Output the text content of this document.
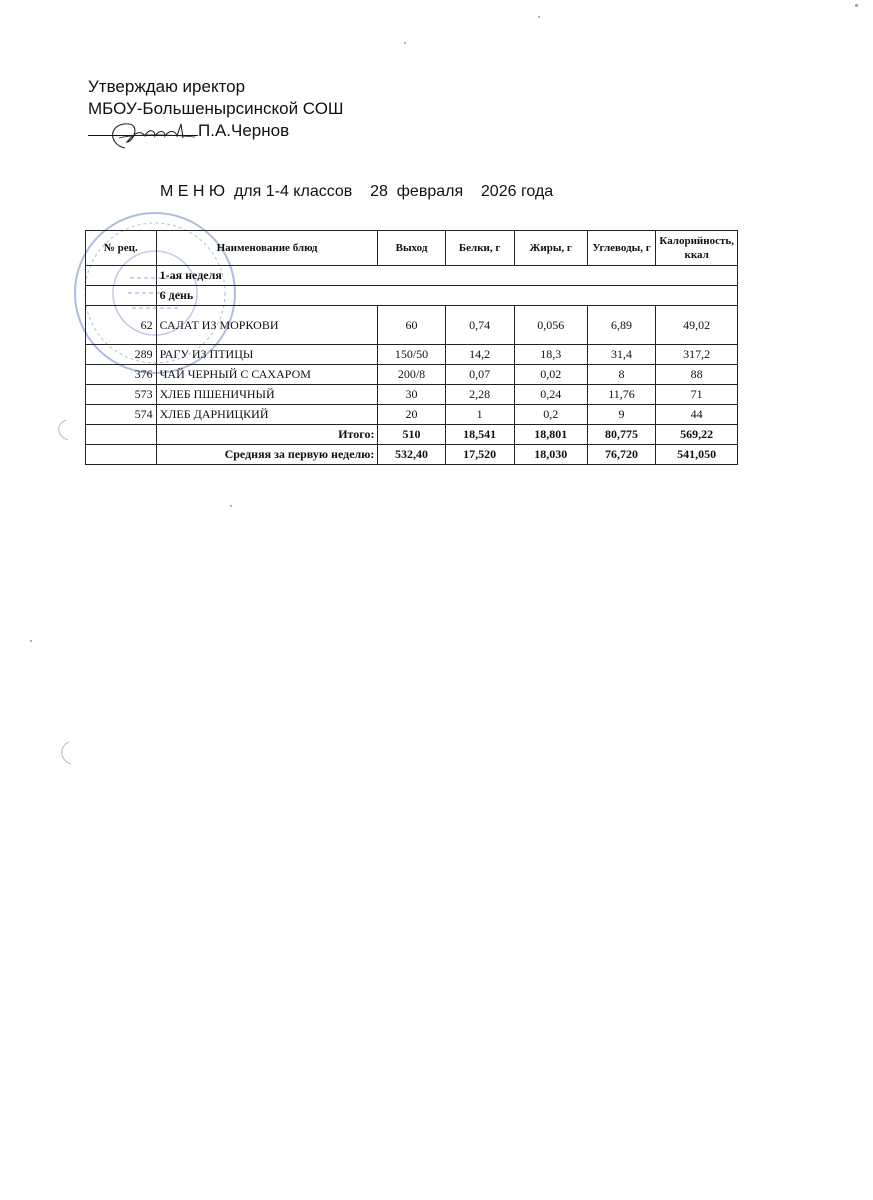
Утверждаю иректор
МБОУ-Большенырсинской СОШ
П.А.Чернов
М Е Н Ю  для 1-4 классов    28  февраля    2026 года
№ рец.	Наименование блюд	Выход	Белки, г	Жиры, г	Углеводы, г	Калорийность, ккал
	1-ая неделя					
	6 день					
62	САЛАТ ИЗ МОРКОВИ	60	0,74	0,056	6,89	49,02
289	РАГУ ИЗ ПТИЦЫ	150/50	14,2	18,3	31,4	317,2
376	ЧАЙ ЧЕРНЫЙ С САХАРОМ	200/8	0,07	0,02	8	88
573	ХЛЕБ ПШЕНИЧНЫЙ	30	2,28	0,24	11,76	71
574	ХЛЕБ ДАРНИЦКИЙ	20	1	0,2	9	44
	Итого:	510	18,541	18,801	80,775	569,22
	Средняя за первую неделю:	532,40	17,520	18,030	76,720	541,050
